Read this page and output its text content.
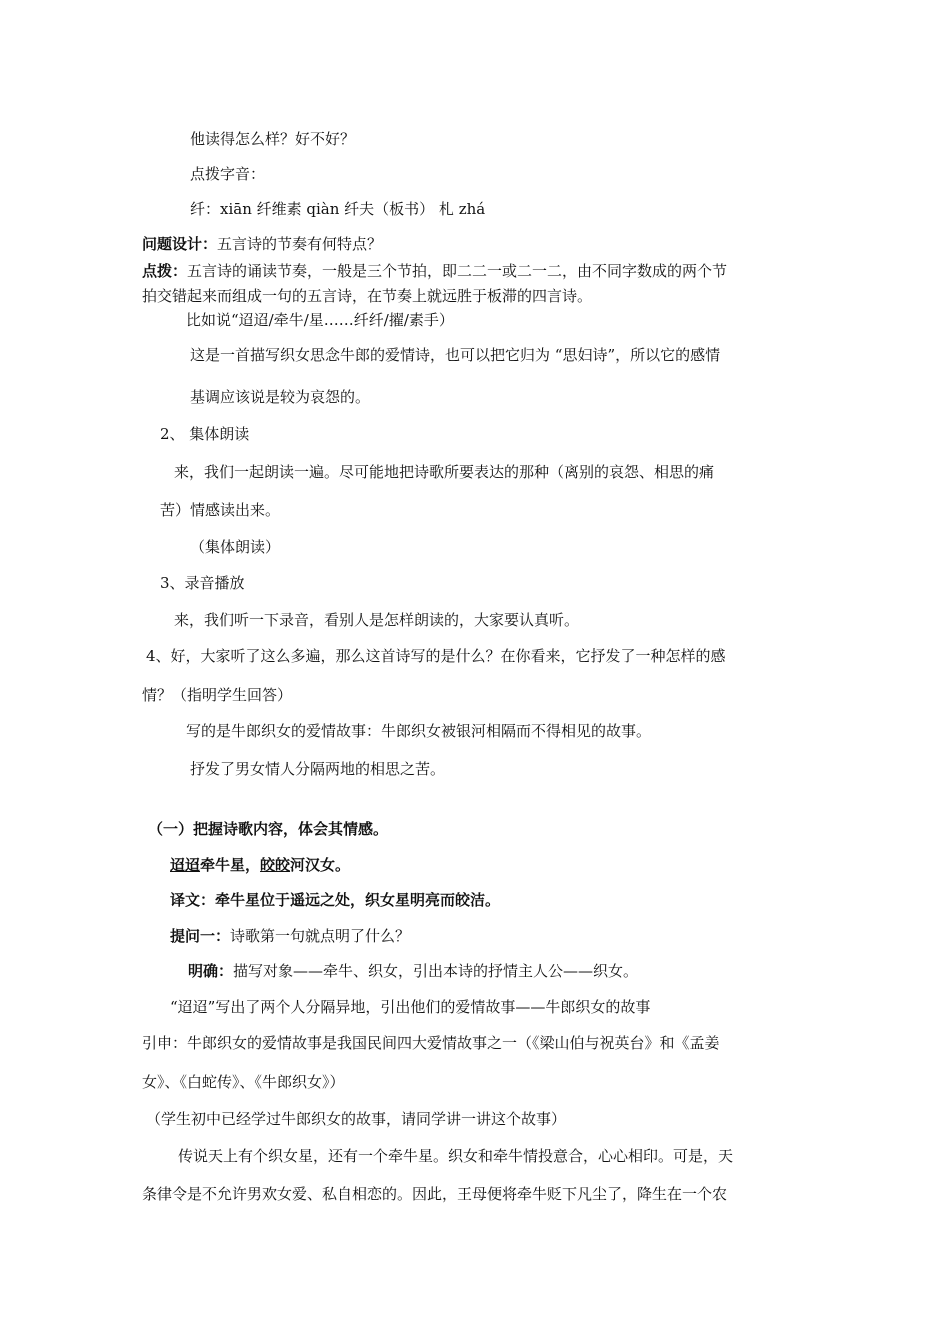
他读得怎么样？好不好？
点拨字音：
纤：xiān 纤维素 qiàn 纤夫（板书） 札 zhá
问题设计：五言诗的节奏有何特点？
点拨：五言诗的诵读节奏，一般是三个节拍，即二二一或二一二，由不同字数成的两个节
拍交错起来而组成一句的五言诗，在节奏上就远胜于板滞的四言诗。
比如说“迢迢/牵牛/星……纤纤/擢/素手）
这是一首描写织女思念牛郎的爱情诗，也可以把它归为 “思妇诗”，所以它的感情
基调应该说是较为哀怨的。
2、 集体朗读
来，我们一起朗读一遍。尽可能地把诗歌所要表达的那种（离别的哀怨、相思的痛
苦）情感读出来。
（集体朗读）
3、录音播放
来，我们听一下录音，看别人是怎样朗读的，大家要认真听。
4、好，大家听了这么多遍，那么这首诗写的是什么？在你看来，它抒发了一种怎样的感
情？（指明学生回答）
写的是牛郎织女的爱情故事：牛郎织女被银河相隔而不得相见的故事。
抒发了男女情人分隔两地的相思之苦。
（一）把握诗歌内容，体会其情感。
迢迢牵牛星，皎皎河汉女。
译文：牵牛星位于遥远之处，织女星明亮而皎洁。
提问一：诗歌第一句就点明了什么？
明确：描写对象——牵牛、织女，引出本诗的抒情主人公——织女。
“迢迢”写出了两个人分隔异地，引出他们的爱情故事——牛郎织女的故事
引申：牛郎织女的爱情故事是我国民间四大爱情故事之一（《梁山伯与祝英台》和《孟姜
女》、《白蛇传》、《牛郎织女》）
（学生初中已经学过牛郎织女的故事，请同学讲一讲这个故事）
传说天上有个织女星，还有一个牵牛星。织女和牵牛情投意合，心心相印。可是，天
条律令是不允许男欢女爱、私自相恋的。因此，王母便将牵牛贬下凡尘了，降生在一个农
